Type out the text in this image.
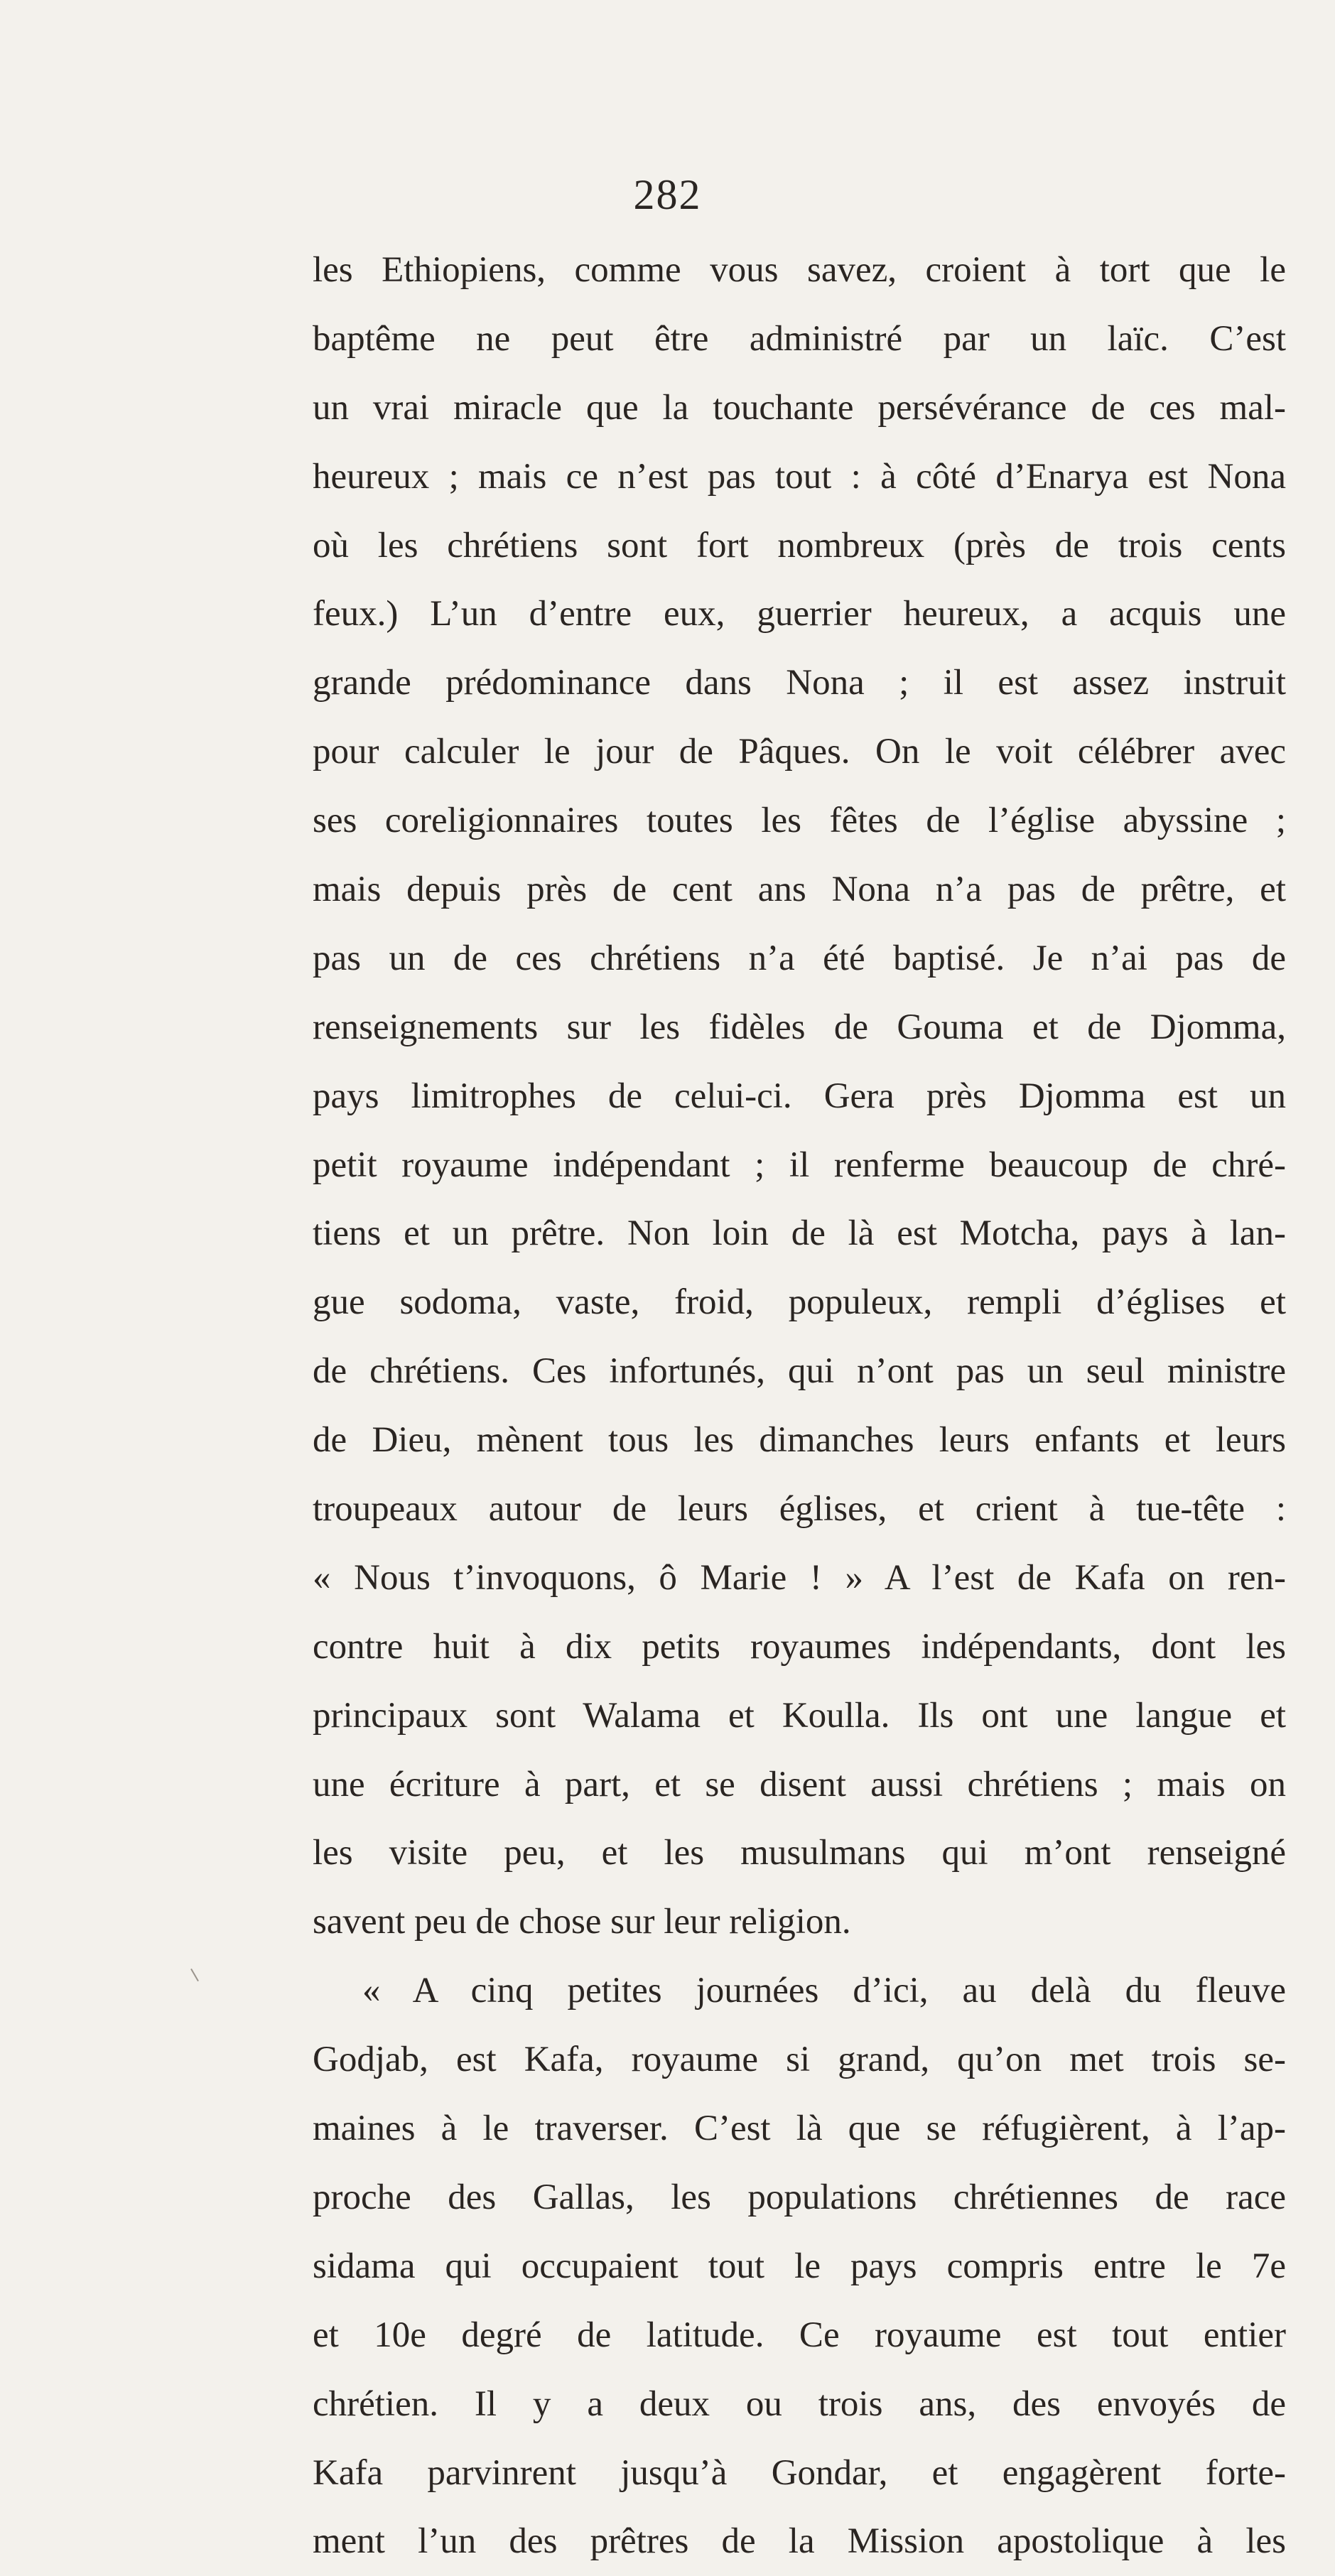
282
les Ethiopiens, comme vous savez, croient à tort que le
baptême ne peut être administré par un laïc. C’est
un vrai miracle que la touchante persévérance de ces mal-
heureux ; mais ce n’est pas tout : à côté d’Enarya est Nona
où les chrétiens sont fort nombreux (près de trois cents
feux.) L’un d’entre eux, guerrier heureux, a acquis une
grande prédominance dans Nona ; il est assez instruit
pour calculer le jour de Pâques. On le voit célébrer avec
ses coreligionnaires toutes les fêtes de l’église abyssine ;
mais depuis près de cent ans Nona n’a pas de prêtre, et
pas un de ces chrétiens n’a été baptisé. Je n’ai pas de
renseignements sur les fidèles de Gouma et de Djomma,
pays limitrophes de celui-ci. Gera près Djomma est un
petit royaume indépendant ; il renferme beaucoup de chré-
tiens et un prêtre. Non loin de là est Motcha, pays à lan-
gue sodoma, vaste, froid, populeux, rempli d’églises et
de chrétiens. Ces infortunés, qui n’ont pas un seul ministre
de Dieu, mènent tous les dimanches leurs enfants et leurs
troupeaux autour de leurs églises, et crient à tue-tête :
« Nous t’invoquons, ô Marie ! » A l’est de Kafa on ren-
contre huit à dix petits royaumes indépendants, dont les
principaux sont Walama et Koulla. Ils ont une langue et
une écriture à part, et se disent aussi chrétiens ; mais on
les visite peu, et les musulmans qui m’ont renseigné
savent peu de chose sur leur religion.
« A cinq petites journées d’ici, au delà du fleuve
Godjab, est Kafa, royaume si grand, qu’on met trois se-
maines à le traverser. C’est là que se réfugièrent, à l’ap-
proche des Gallas, les populations chrétiennes de race
sidama qui occupaient tout le pays compris entre le 7e
et 10e degré de latitude. Ce royaume est tout entier
chrétien. Il y a deux ou trois ans, des envoyés de
Kafa parvinrent jusqu’à Gondar, et engagèrent forte-
ment l’un des prêtres de la Mission apostolique à les
